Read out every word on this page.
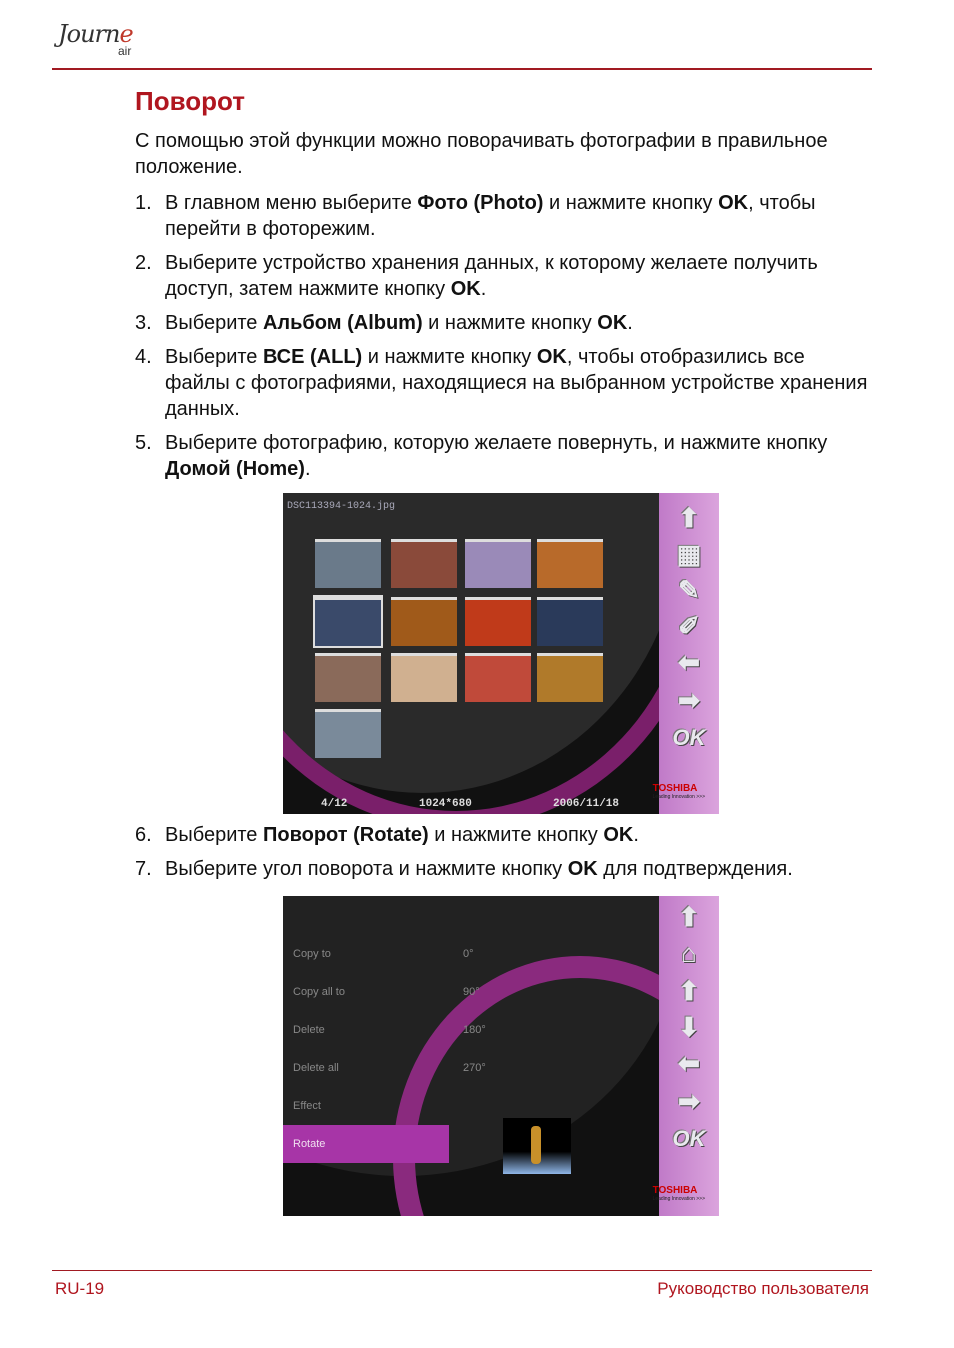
Journe
air
Поворот

С помощью этой функции можно поворачивать фотографии в правильное положение.

1. В главном меню выберите Фото (Photo) и нажмите кнопку OK, чтобы перейти в фоторежим.
2. Выберите устройство хранения данных, к которому желаете получить доступ, затем нажмите кнопку OK.
3. Выберите Альбом (Album) и нажмите кнопку OK.
4. Выберите ВСЕ (ALL) и нажмите кнопку OK, чтобы отобразились все файлы с фотографиями, находящиеся на выбранном устройстве хранения данных.
5. Выберите фотографию, которую желаете повернуть, и нажмите кнопку Домой (Home).
DSC113394-1024.jpg	⬆
▦
✎
✐
⬅
➡
OK
TOSHIBA
Leading Innovation >>>
4/12	1024*680	2006/11/18
6. Выберите Поворот (Rotate) и нажмите кнопку OK.
7. Выберите угол поворота и нажмите кнопку OK для подтверждения.
Copy to
Copy all to
Delete
Delete all
Effect
Rotate
0°
90°
180°
270°
⬆
⌂
⬆
⬇
⬅
➡
OK
TOSHIBA
Leading Innovation >>>
RU-19	Руководство пользователя
